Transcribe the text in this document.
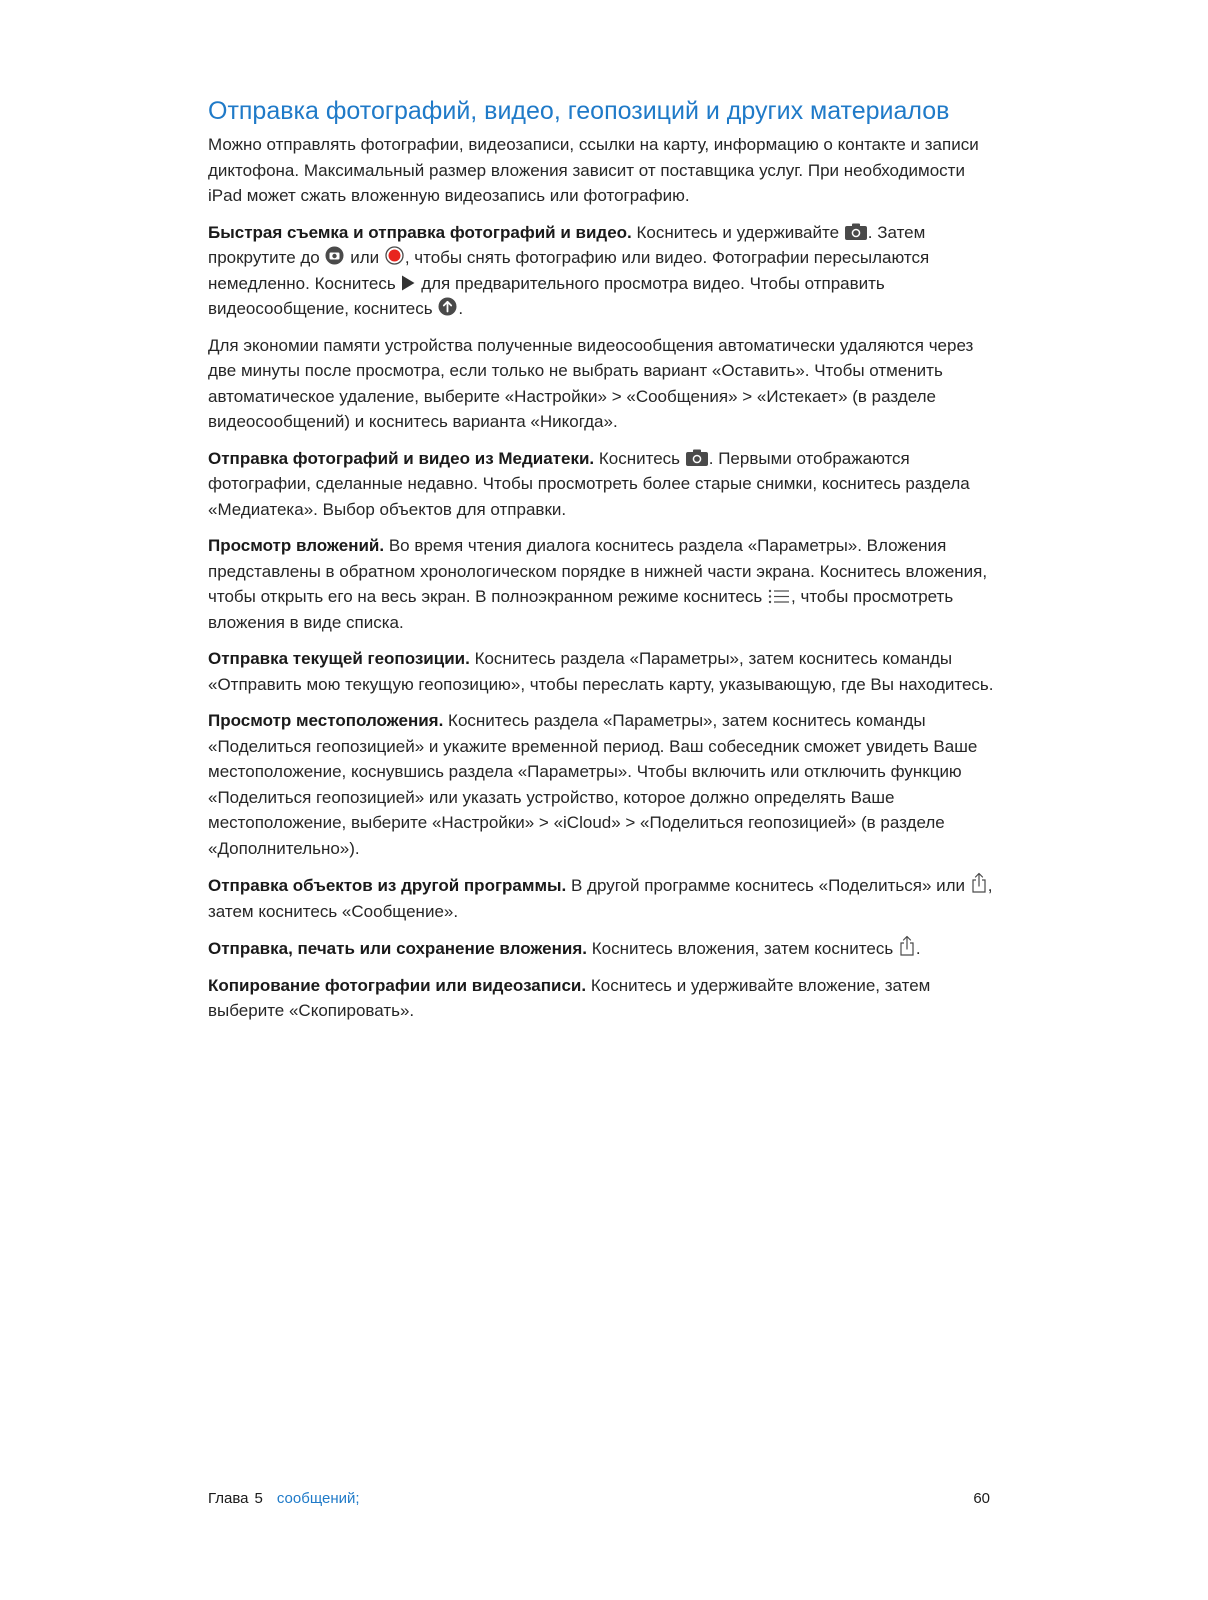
Отправка фотографий, видео, геопозиций и других материалов

Можно отправлять фотографии, видеозаписи, ссылки на карту, информацию о контакте и записи диктофона. Максимальный размер вложения зависит от поставщика услуг. При необходимости iPad может сжать вложенную видеозапись или фотографию.

Быстрая съемка и отправка фотографий и видео. Коснитесь и удерживайте . Затем прокрутите до  или , чтобы снять фотографию или видео. Фотографии пересылаются немедленно. Коснитесь  для предварительного просмотра видео. Чтобы отправить видеосообщение, коснитесь .

Для экономии памяти устройства полученные видеосообщения автоматически удаляются через две минуты после просмотра, если только не выбрать вариант «Оставить». Чтобы отменить автоматическое удаление, выберите «Настройки» > «Сообщения» > «Истекает» (в разделе видеосообщений) и коснитесь варианта «Никогда».

Отправка фотографий и видео из Медиатеки. Коснитесь . Первыми отображаются фотографии, сделанные недавно. Чтобы просмотреть более старые снимки, коснитесь раздела «Медиатека». Выбор объектов для отправки.

Просмотр вложений. Во время чтения диалога коснитесь раздела «Параметры». Вложения представлены в обратном хронологическом порядке в нижней части экрана. Коснитесь вложения, чтобы открыть его на весь экран. В полноэкранном режиме коснитесь , чтобы просмотреть вложения в виде списка.

Отправка текущей геопозиции. Коснитесь раздела «Параметры», затем коснитесь команды «Отправить мою текущую геопозицию», чтобы переслать карту, указывающую, где Вы находитесь.

Просмотр местоположения. Коснитесь раздела «Параметры», затем коснитесь команды «Поделиться геопозицией» и укажите временной период. Ваш собеседник сможет увидеть Ваше местоположение, коснувшись раздела «Параметры». Чтобы включить или отключить функцию «Поделиться геопозицией» или указать устройство, которое должно определять Ваше местоположение, выберите «Настройки» > «iCloud» > «Поделиться геопозицией» (в разделе «Дополнительно»).

Отправка объектов из другой программы. В другой программе коснитесь «Поделиться» или , затем коснитесь «Сообщение».

Отправка, печать или сохранение вложения. Коснитесь вложения, затем коснитесь .

Копирование фотографии или видеозаписи. Коснитесь и удерживайте вложение, затем выберите «Скопировать».

Глава 5 сообщений;	60
